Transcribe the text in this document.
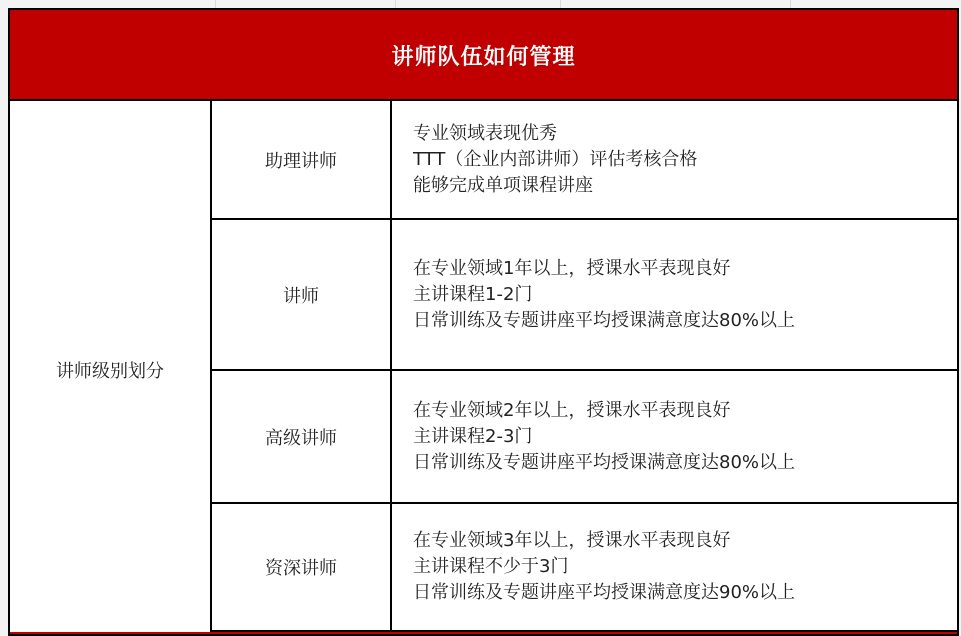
讲师队伍如何管理
讲师级别划分
助理讲师
讲师
高级讲师
资深讲师
专业领域表现优秀
TTT（企业内部讲师）评估考核合格
能够完成单项课程讲座
在专业领域1年以上，授课水平表现良好
主讲课程1-2门
日常训练及专题讲座平均授课满意度达80%以上
在专业领域2年以上，授课水平表现良好
主讲课程2-3门
日常训练及专题讲座平均授课满意度达80%以上
在专业领域3年以上，授课水平表现良好
主讲课程不少于3门
日常训练及专题讲座平均授课满意度达90%以上
